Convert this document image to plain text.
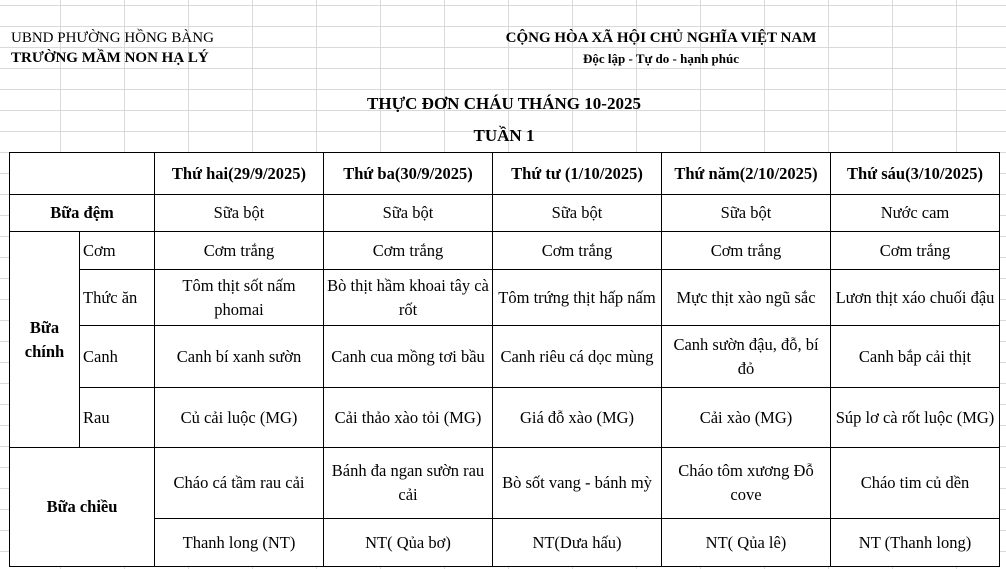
UBND PHƯỜNG HỒNG BÀNG
TRƯỜNG MẦM NON HẠ LÝ
CỘNG HÒA XÃ HỘI CHỦ NGHĨA VIỆT NAM
Độc lập - Tự do - hạnh phúc
THỰC ĐƠN CHÁU THÁNG 10-2025
TUẦN 1
		Thứ hai(29/9/2025)	Thứ ba(30/9/2025)	Thứ tư (1/10/2025)	Thứ năm(2/10/2025)	Thứ sáu(3/10/2025)
Bữa đệm		Sữa bột	Sữa bột	Sữa bột	Sữa bột	Nước cam
Bữa chính	Cơm	Cơm trắng	Cơm trắng	Cơm trắng	Cơm trắng	Cơm trắng
	Thức ăn	Tôm thịt sốt nấm phomai	Bò thịt hầm khoai tây cà rốt	Tôm trứng thịt hấp nấm	Mực thịt xào ngũ sắc	Lươn thịt xáo chuối đậu
	Canh	Canh bí xanh sườn	Canh cua mồng tơi bầu	Canh riêu cá dọc mùng	Canh sườn đậu, đỗ, bí đỏ	Canh bắp cải thịt
	Rau	Củ cải luộc (MG)	Cải thảo xào tỏi (MG)	Giá đỗ xào (MG)	Cải xào (MG)	Súp lơ cà rốt luộc (MG)
Bữa chiều		Cháo cá tầm rau cải	Bánh đa ngan sườn rau cải	Bò sốt vang - bánh mỳ	Cháo tôm xương Đỗ cove	Cháo tim củ dền
		Thanh long (NT)	NT( Qủa bơ)	NT(Dưa hấu)	NT( Qủa lê)	NT (Thanh long)
